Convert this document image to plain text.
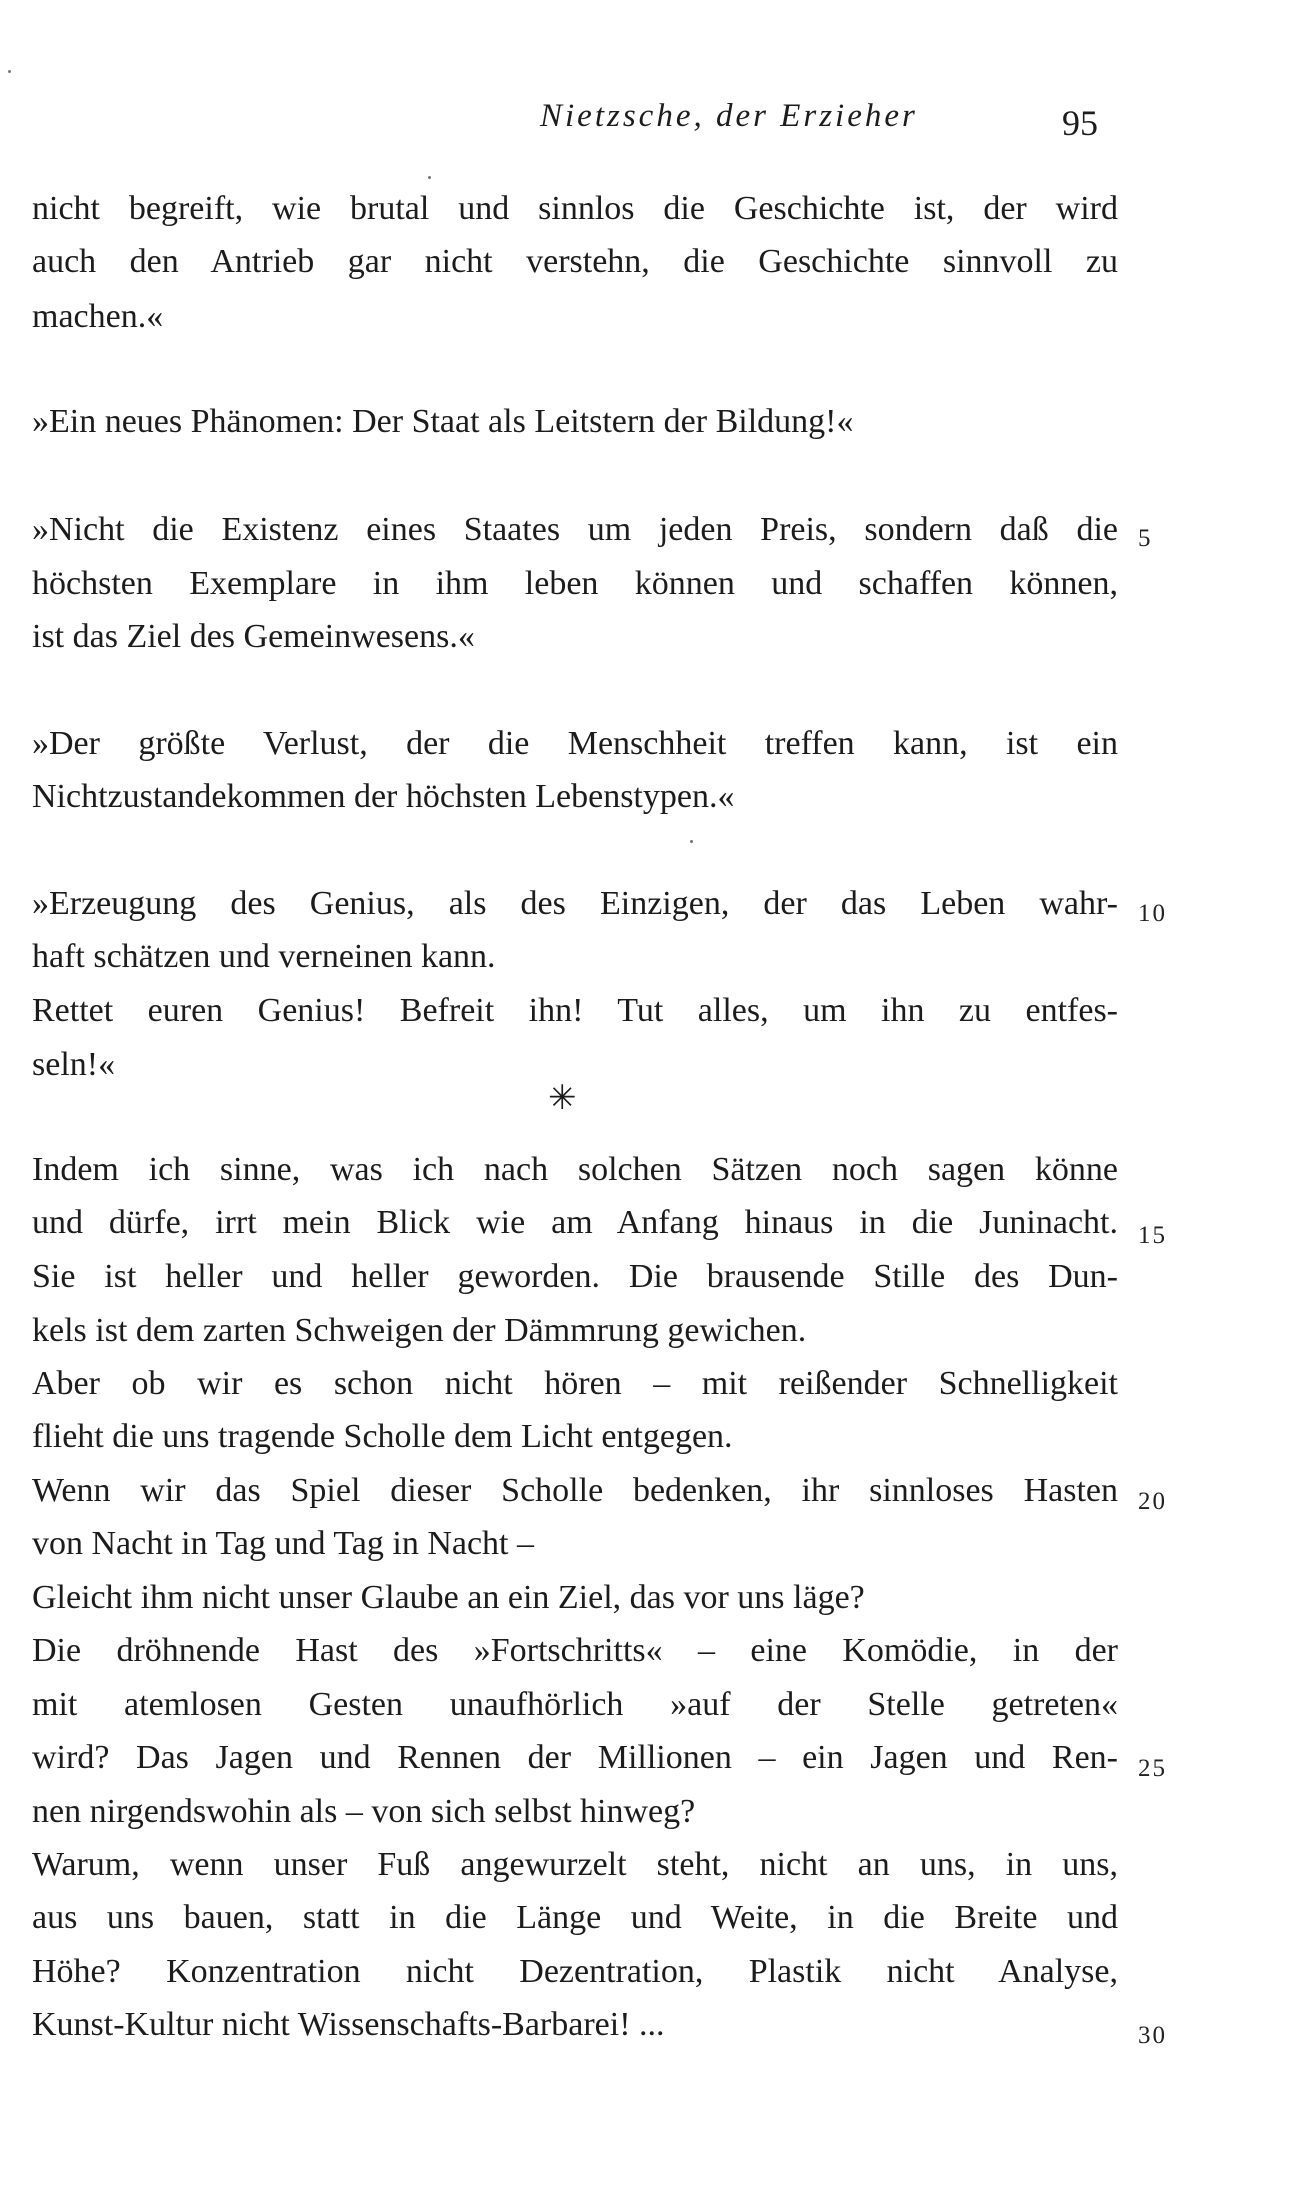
Nietzsche, der Erzieher	95
nicht begreift, wie brutal und sinnlos die Geschichte ist, der wird
auch den Antrieb gar nicht verstehn, die Geschichte sinnvoll zu
machen.«
»Ein neues Phänomen: Der Staat als Leitstern der Bildung!«
»Nicht die Existenz eines Staates um jeden Preis, sondern daß die
höchsten Exemplare in ihm leben können und schaffen können,
ist das Ziel des Gemeinwesens.«
»Der größte Verlust, der die Menschheit treffen kann, ist ein
Nichtzustandekommen der höchsten Lebenstypen.«
»Erzeugung des Genius, als des Einzigen, der das Leben wahr-
haft schätzen und verneinen kann.
Rettet euren Genius! Befreit ihn! Tut alles, um ihn zu entfes-
seln!«
✳
Indem ich sinne, was ich nach solchen Sätzen noch sagen könne
und dürfe, irrt mein Blick wie am Anfang hinaus in die Juninacht.
Sie ist heller und heller geworden. Die brausende Stille des Dun-
kels ist dem zarten Schweigen der Dämmrung gewichen.
Aber ob wir es schon nicht hören – mit reißender Schnelligkeit
flieht die uns tragende Scholle dem Licht entgegen.
Wenn wir das Spiel dieser Scholle bedenken, ihr sinnloses Hasten
von Nacht in Tag und Tag in Nacht –
Gleicht ihm nicht unser Glaube an ein Ziel, das vor uns läge?
Die dröhnende Hast des »Fortschritts« – eine Komödie, in der
mit atemlosen Gesten unaufhörlich »auf der Stelle getreten«
wird? Das Jagen und Rennen der Millionen – ein Jagen und Ren-
nen nirgendswohin als – von sich selbst hinweg?
Warum, wenn unser Fuß angewurzelt steht, nicht an uns, in uns,
aus uns bauen, statt in die Länge und Weite, in die Breite und
Höhe? Konzentration nicht Dezentration, Plastik nicht Analyse,
Kunst-Kultur nicht Wissenschafts-Barbarei! ...
5
10
15
20
25
30
